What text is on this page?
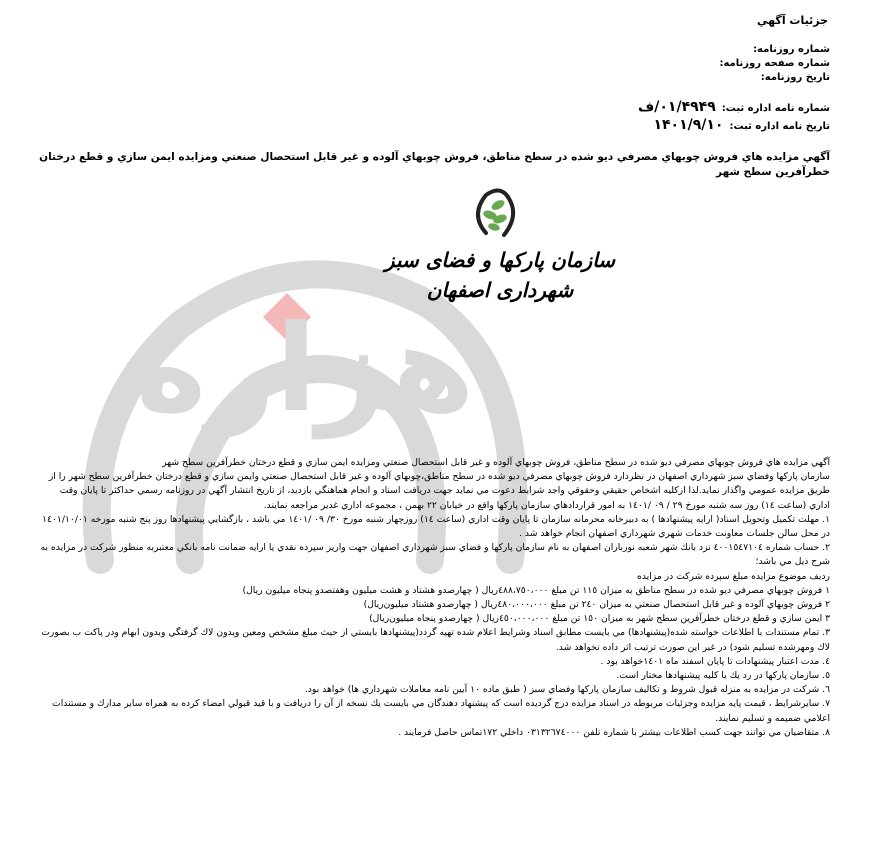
جزئيات آگهي
شماره روزنامه:
شماره صفحه روزنامه:
تاريخ روزنامه:
شماره نامه اداره ثبت:۰۱/۴۹۴۹/ف
تاريخ نامه اداره ثبت:۱۴۰۱/۹/۱۰
آگهي مزايده هاي فروش چوبهاي مصرفي ديو شده در سطح مناطق، فروش چوبهاي آلوده و غير قابل استحصال صنعتي ومزايده ايمن سازي و قطع درختان خطرآفرين سطح شهر
هزاره
سازمان پارکها و فضای سبز
شهرداری اصفهان

آگهي مزايده هاي فروش چوبهاي مصرفي ديو شده در سطح مناطق، فروش چوبهاي آلوده و غير قابل استحصال صنعتي ومزايده ايمن سازي و قطع درختان خطرآفرين سطح شهر

سازمان پاركها وفضاي سبز شهرداري اصفهان در نظردارد فروش چوبهاي مصرفي ديو شده در سطح مناطق،چوبهاي آلوده و غير قابل استحصال صنعتي وايمن سازي و قطع درختان خطرآفرين سطح شهر را از طريق مزايده عمومي واگذار نمايد.لذا ازكليه اشخاص حقيقي وحقوقي واجد شرايط دعوت مي نمايد جهت دريافت اسناد و انجام هماهنگي بازديد، از تاريخ انتشار آگهي در روزنامه رسمي حداكثر تا پايان وقت اداري (ساعت ١٤) روز سه شنبه مورخ ٢٩ / ٠٩ /١٤٠١ به امور قراردادهاي سازمان پاركها واقع در خيابان ٢٢ بهمن ، مجموعه اداري غدير مراجعه نمايند.

١. مهلت تكميل وتحويل اسناد( ارايه پيشنهادها ) به دبيرخانه محرمانه سازمان تا پايان وقت اداري (ساعت ١٤) روزچهار شنبه مورخ ٣٠/ ٠٩ /١٤٠١ مي باشد ، بازگشايي پيشنهادها روز پنج شنبه مورخه ١٤٠١/١٠/٠١ در محل سالن جلسات معاونت خدمات شهري شهرداري اصفهان انجام خواهد شد .

٢. حساب شماره ٤٠٠١٥٤٧١٠٤ نزد بانك شهر شعبه نورباران اصفهان به نام سازمان پاركها و فضاي سبز شهرداري اصفهان جهت واريز سپرده نقدي يا ارايه ضمانت نامه بانكي معتبربه منظور شركت در مزايده به شرح ذيل مي باشد؛

رديف موضوع مزايده مبلغ سپرده شركت در مزايده

١ فروش چوبهاي مصرفي ديو شده در سطح مناطق به ميزان ١١٥ تن مبلغ ٤٨٨،٧٥٠،٠٠٠ريال ( چهارصدو هشتاد و هشت ميليون وهفتصدو پنجاه ميليون ريال)

٢ فروش چوبهاي آلوده و غير قابل استحصال صنعتي به ميزان ٢٤٠ تن مبلغ ٤٨٠،٠٠٠،٠٠٠ريال ( چهارصدو هشتاد ميليون‌ريال)

٣ ايمن سازي و قطع درختان خطرآفرين سطح شهر به ميزان ١٥٠ تن مبلغ ٤٥٠،٠٠٠،٠٠٠ريال ( چهارصدو پنجاه ميليون‌ريال)

٣. تمام مستندات با اطلاعات خواسته شده(پيشنهادها) مي بايست مطابق اسناد وشرايط اعلام شده تهيه گردد(پيشنهادها بايستي از حيث مبلغ مشخص ومعين وبدون لاك گرفتگي وبدون ابهام ودر پاكت ب بصورت لاك ومهرشده تسليم شود) در غير اين صورت ترتيب اثر داده نخواهد شد.

٤. مدت اعتبار پيشنهادات تا پايان اسفند ماه ١٤٠١خواهد بود .

٥. سازمان پاركها در رد يك يا كليه پيشنهادها مختار است.

٦. شركت در مزايده به منزله قبول شروط و تكاليف سازمان پاركها وفضاي سبز ( طبق ماده ١٠ آيين نامه معاملات شهرداري ها) خواهد بود.

٧. سايرشرايط ، قيمت پايه مزايده وجزئيات مربوطه در اسناد مزايده درج گرديده است كه پيشنهاد دهندگان مي بايست يك نسخه از آن را دريافت و با قيد قبولي امضاء كرده به همراه ساير مدارك و مستندات اعلامي ضميمه و تسليم نمايند.

٨. متقاضيان مي توانند جهت كسب اطلاعات بيشتر با شماره تلفن ٠٣١٣٢٦٧٤٠٠٠ داخلي ١٧٢تماس حاصل فرمايند .
